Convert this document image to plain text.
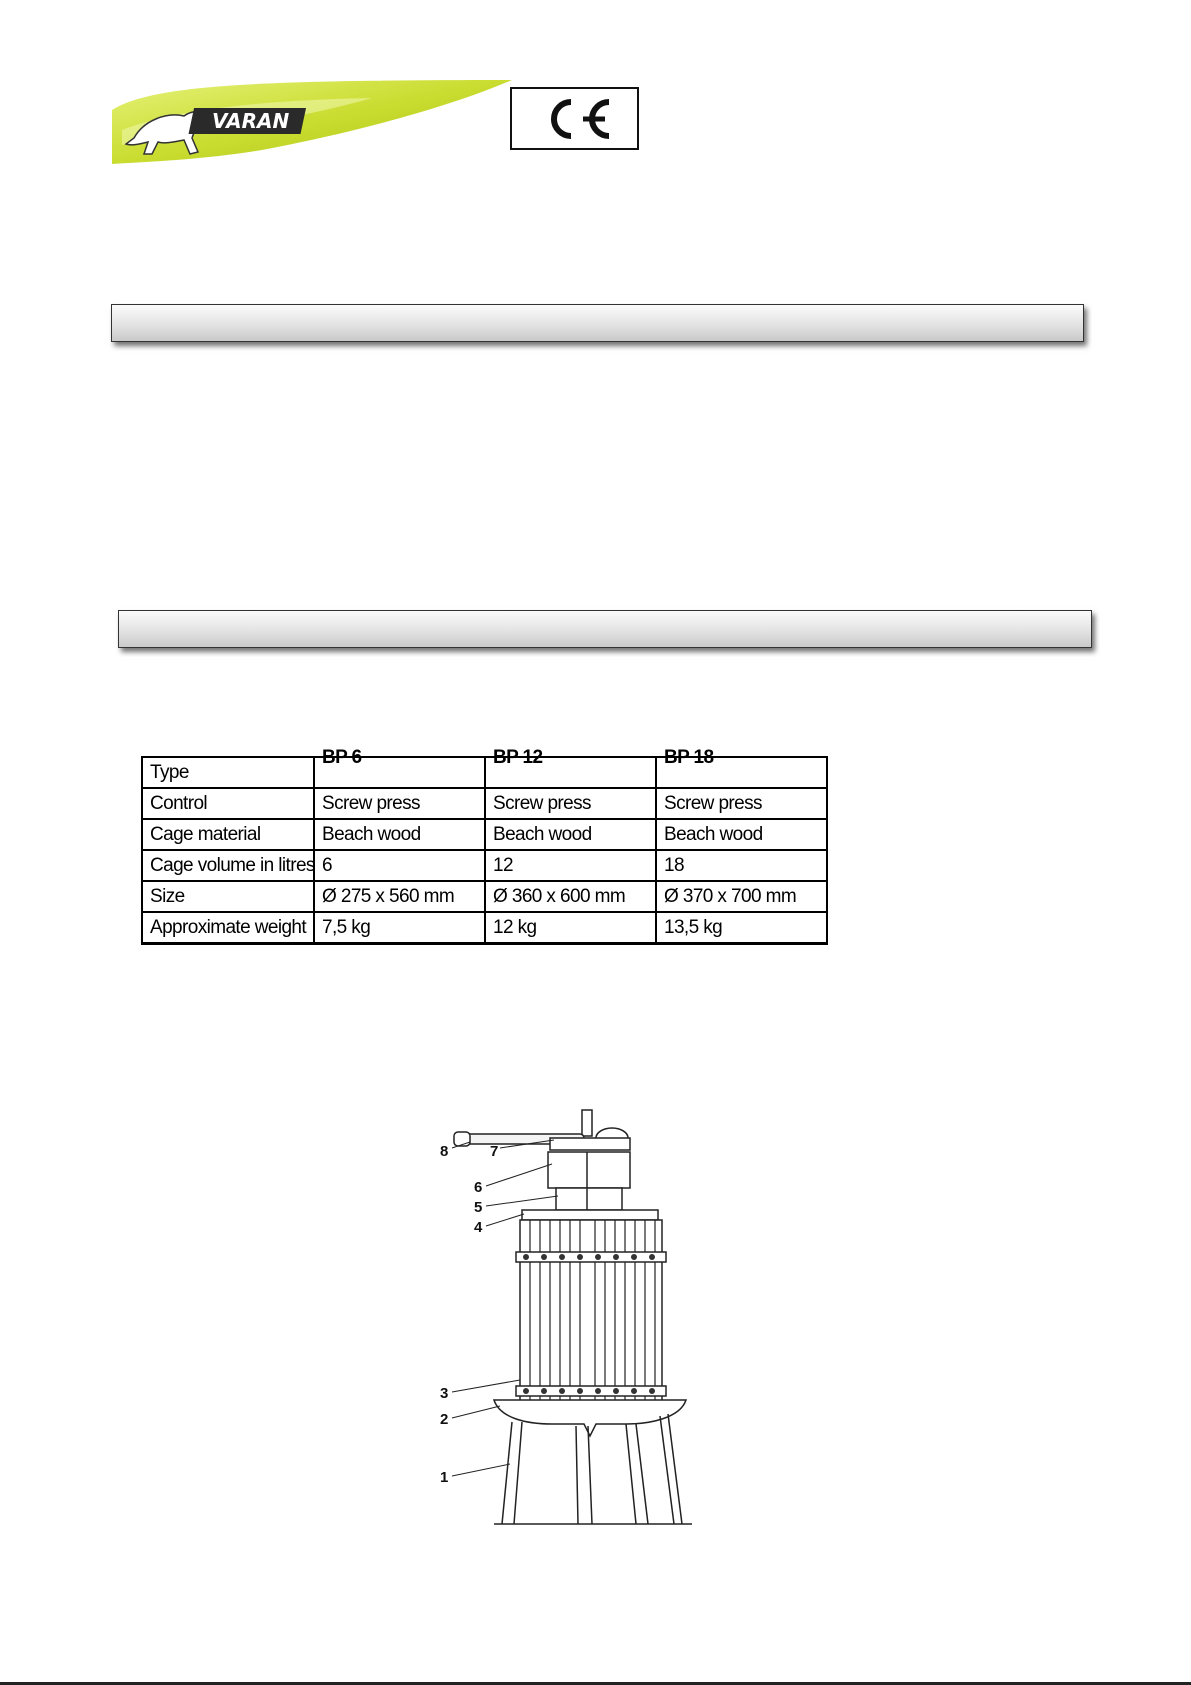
VARAN
CE
Type	BP 6	BP 12	BP 18

Control	Screw press	Screw press	Screw press
Cage material	Beach wood	Beach wood	Beach wood
Cage volume in litres	6	12	18
Size	Ø 275 x 560 mm	Ø 360 x 600 mm	Ø 370 x 700 mm
Approximate weight	7,5 kg	12 kg	13,5 kg
1
2
3
4
5
6
7
8
